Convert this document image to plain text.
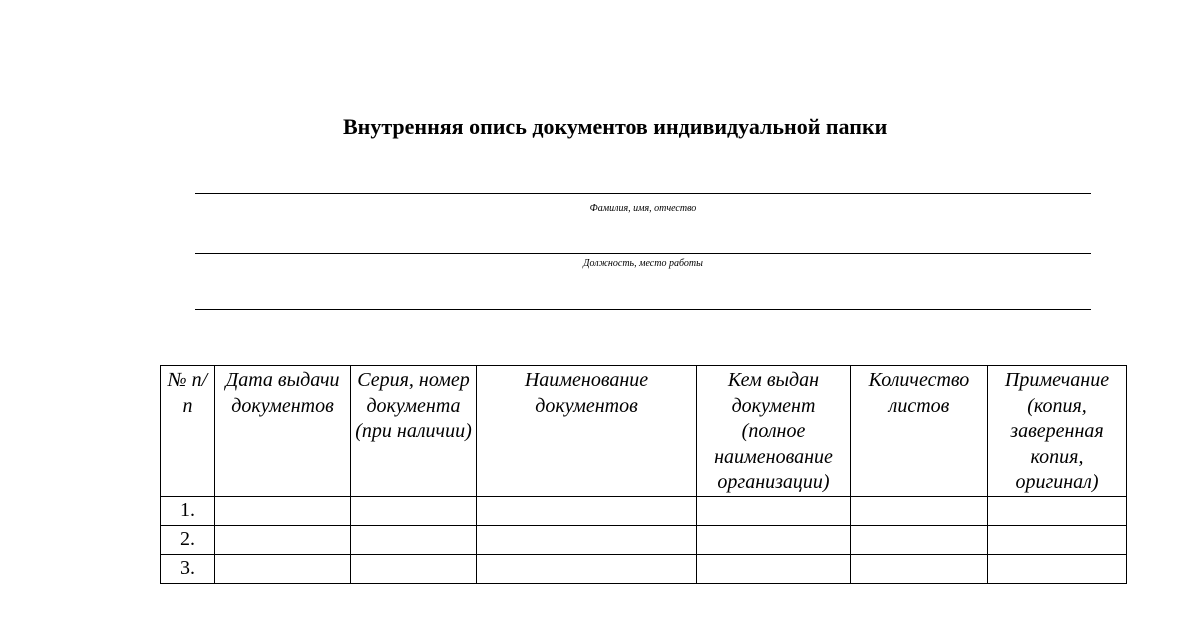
Внутренняя опись документов индивидуальной папки
Фамилия, имя, отчество
Должность, место работы
№ п/п	Дата выдачи документов	Серия, номер документа (при наличии)	Наименование документов	Кем выдан документ (полное наименование организации)	Количество листов	Примечание (копия, заверенная копия, оригинал)
1.						
2.						
3.						
